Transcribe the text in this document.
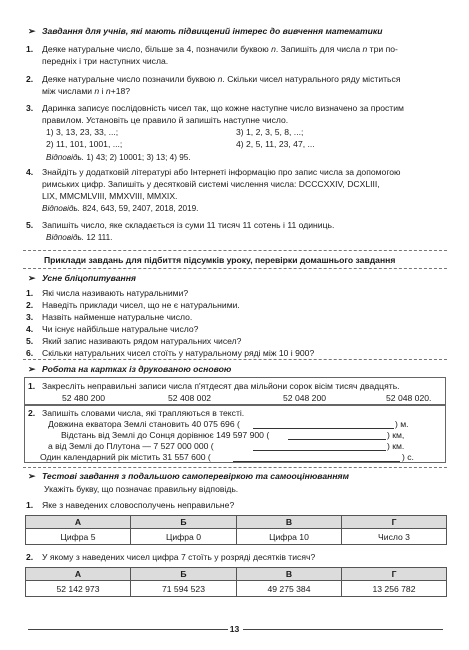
➢ Завдання для учнів, які мають підвищений інтерес до вивчення математики
1. Деяке натуральне число, більше за 4, позначили буквою n. Запишіть для числа n три по-
передніх і три наступних числа.
2. Деяке натуральне число позначили буквою n. Скільки чисел натурального ряду міститься
між числами n і n+18?
3. Даринка записує послідовність чисел так, що кожне наступне число визначено за простим
правилом. Установіть це правило й запишіть наступне число.
1) 3, 13, 23, 33, ...;	3) 1, 2, 3, 5, 8, ...;
2) 11, 101, 1001, ...;	4) 2, 5, 11, 23, 47, ...
Відповідь. 1) 43; 2) 10001; 3) 13; 4) 95.
4. Знайдіть у додатковій літературі або Інтернеті інформацію про запис числа за допомогою
римських цифр. Запишіть у десятковій системі числення числа: DCCCXXIV, DCXLIII,
LIX, MMCMLVIII, MMXVIII, MMXIX.
Відповідь. 824, 643, 59, 2407, 2018, 2019.
5. Запишіть число, яке складається із суми 11 тисяч 11 сотень і 11 одиниць.
Відповідь. 12 111.
Приклади завдань для підбиття підсумків уроку, перевірки домашнього завдання
➢ Усне бліцопитування
1. Які числа називають натуральними?
2. Наведіть приклади чисел, що не є натуральними.
3. Назвіть найменше натуральне число.
4. Чи існує найбільше натуральне число?
5. Який запис називають рядом натуральних чисел?
6. Скільки натуральних чисел стоїть у натуральному ряді між 10 і 900?
➢ Робота на картках із друкованою основою
1. Закресліть неправильні записи числа п'ятдесят два мільйони сорок вісім тисяч двадцять.
52 480 200	52 408 002	52 048 200	52 048 020.
2. Запишіть словами числа, які трапляються в тексті.
Довжина екватора Землі становить 40 075 696 (	) м.
Відстань від Землі до Сонця дорівнює 149 597 900 (	) км,
а від Землі до Плутона — 7 527 000 000 (	) км.
Один календарний рік містить 31 557 600 (	) с.
➢ Тестові завдання з подальшою самоперевіркою та самооцінюванням
Укажіть букву, що позначає правильну відповідь.
1. Яке з наведених словосполучень неправильне?
А	Б	В	Г
Цифра 5	Цифра 0	Цифра 10	Число 3
2. У якому з наведених чисел цифра 7 стоїть у розряді десятків тисяч?
А	Б	В	Г
52 142 973	71 594 523	49 275 384	13 256 782
13
